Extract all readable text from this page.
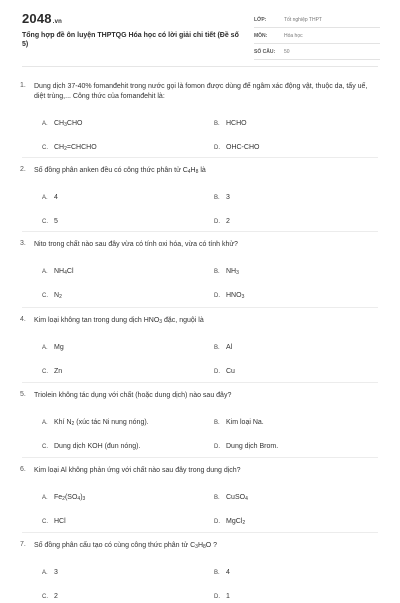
2048.vn
Tổng hợp đề ôn luyện THPTQG Hóa học có lời giải chi tiết (Đề số 5)
LỚP:	Tốt nghiệp THPT
MÔN:	Hóa học
SỐ CÂU: 50
1. Dung dịch 37-40% fomanđehit trong nước gọi là fomon được dùng để ngâm xác động vật, thuộc da, tẩy uế, diệt trùng,... Công thức của fomanđehit là:
A. $CH_3CHO$	B. HCHO
C. $CH_2=CHCHO$	D. OHC-CHO
2. Số đồng phân anken đều có công thức phân tử $C_4H_8$ là
A. 4	B. 3
C. 5	D. 2
3. Nito trong chất nào sau đây vừa có tính oxi hóa, vừa có tính khử?
A. $NH_4Cl$	B. $NH_3$
C. $N_2$	D. $HNO_3$
4. Kim loại không tan trong dung dịch $HNO_3$ đặc, nguội là
A. Mg	B. Al
C. Zn	D. Cu
5. Triolein không tác dụng với chất (hoặc dung dịch) nào sau đây?
A. Khí $N_2$ (xúc tác Ni nung nóng).	B. Kim loại Na.
C. Dung dịch KOH (đun nóng).	D. Dung dịch Brom.
6. Kim loại Al không phản ứng với chất nào sau đây trong dung dịch?
A. $Fe_2(SO_4)_3$	B. CuSO$_4$
C. HCl	D. MgCl$_2$
7. Số đồng phân cấu tạo có cùng công thức phân tử $C_3H_8O$ ?
A. 3	B. 4
C. 2	D. 1
